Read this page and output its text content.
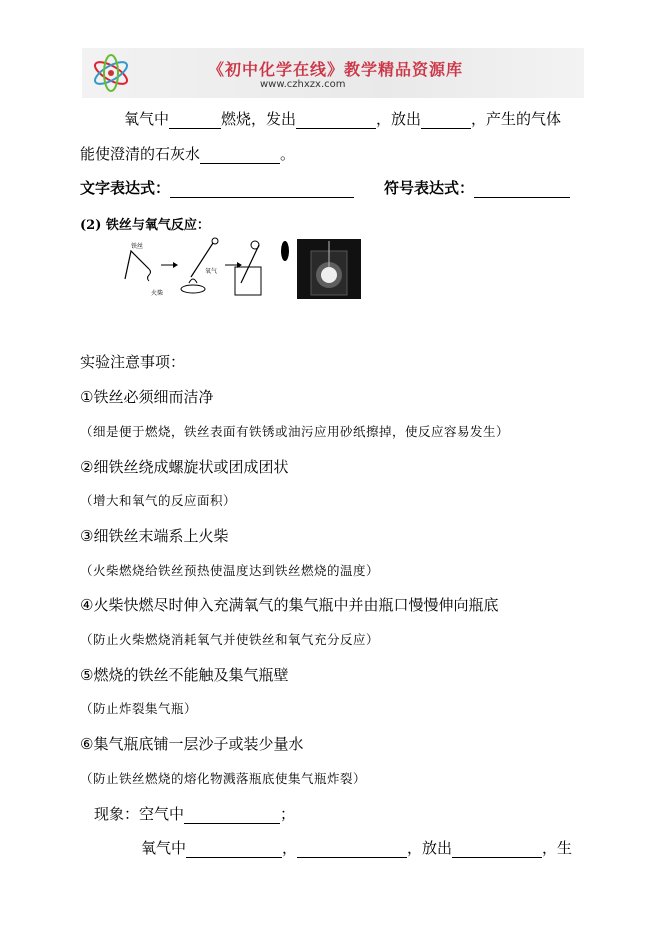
《初中化学在线》教学精品资源库
www.czhxzx.com
氧气中	燃烧，发出	，放出	，产生的气体
能使澄清的石灰水	。
文字表达式：	符号表达式：
(2) 铁丝与氧气反应：
铁丝
火柴
氧气
实验注意事项：
①铁丝必须细而洁净
（细是便于燃烧，铁丝表面有铁锈或油污应用砂纸擦掉，使反应容易发生）
②细铁丝绕成螺旋状或团成团状
（增大和氧气的反应面积）
③细铁丝末端系上火柴
（火柴燃烧给铁丝预热使温度达到铁丝燃烧的温度）
④火柴快燃尽时伸入充满氧气的集气瓶中并由瓶口慢慢伸向瓶底
（防止火柴燃烧消耗氧气并使铁丝和氧气充分反应）
⑤燃烧的铁丝不能触及集气瓶壁
（防止炸裂集气瓶）
⑥集气瓶底铺一层沙子或装少量水
（防止铁丝燃烧的熔化物溅落瓶底使集气瓶炸裂）
现象：空气中	；
氧气中	，	，放出	，生
